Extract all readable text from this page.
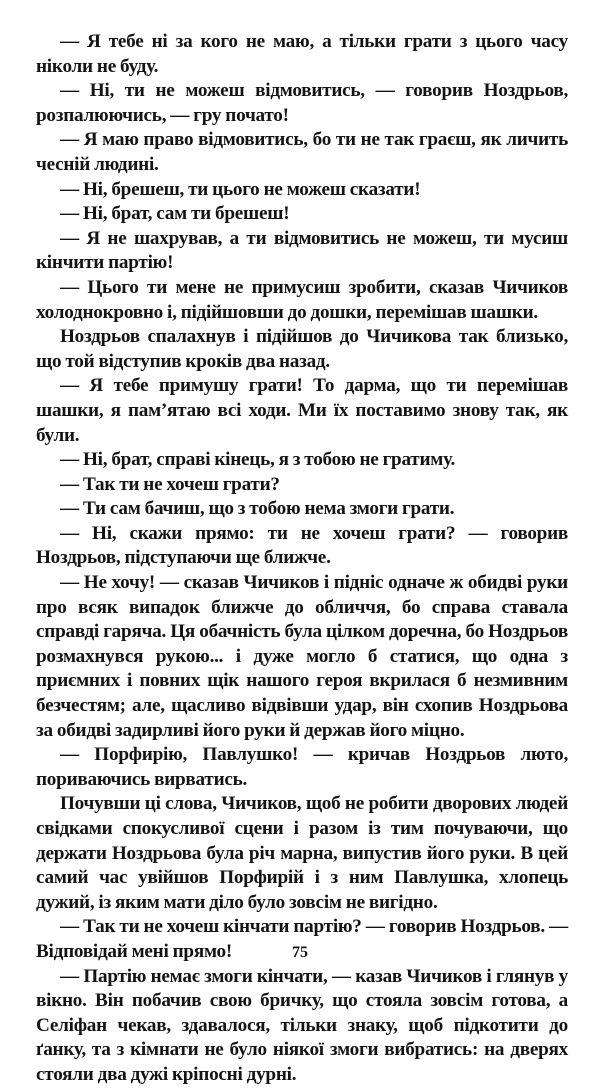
— Я тебе ні за кого не маю, а тільки грати з цього часу ніколи не буду.

— Ні, ти не можеш відмовитись, — говорив Ноздрьов, розпалюючись, — гру почато!

— Я маю право відмовитись, бо ти не так граєш, як личить чесній людині.

— Ні, брешеш, ти цього не можеш сказати!

— Ні, брат, сам ти брешеш!

— Я не шахрував, а ти відмовитись не можеш, ти мусиш кінчити партію!

— Цього ти мене не примусиш зробити, сказав Чичиков холоднокровно і, підійшовши до дошки, перемішав шашки.

Ноздрьов спалахнув і підійшов до Чичикова так близько, що той відступив кроків два назад.

— Я тебе примушу грати! То дарма, що ти перемішав шашки, я пам’ятаю всі ходи. Ми їх поставимо знову так, як були.

— Ні, брат, справі кінець, я з тобою не гратиму.

— Так ти не хочеш грати?

— Ти сам бачиш, що з тобою нема змоги грати.

— Ні, скажи прямо: ти не хочеш грати? — говорив Ноздрьов, підступаючи ще ближче.

— Не хочу! — сказав Чичиков і підніс одначе ж обидві руки про всяк випадок ближче до обличчя, бо справа ставала справді гаряча. Ця обачність була цілком доречна, бо Ноздрьов розмахнувся рукою... і дуже могло б статися, що одна з приємних і повних щік нашого героя вкрилася б незмивним безчестям; але, щасливо відвівши удар, він схопив Ноздрьова за обидві задирливі його руки й держав його міцно.

— Порфирію, Павлушко! — кричав Ноздрьов люто, пориваючись вирватись.

Почувши ці слова, Чичиков, щоб не робити дворових людей свідками спокусливої сцени і разом із тим почуваючи, що держати Ноздрьова була річ марна, випустив його руки. В цей самий час увійшов Порфирій і з ним Павлушка, хлопець дужий, із яким мати діло було зовсім не вигідно.

— Так ти не хочеш кінчати партію? — говорив Ноздрьов. — Відповідай мені прямо!

— Партію немає змоги кінчати, — казав Чичиков і глянув у вікно. Він побачив свою бричку, що стояла зовсім готова, а Селіфан чекав, здавалося, тільки знаку, щоб підкотити до ґанку, та з кімнати не було ніякої змоги вибратись: на дверях стояли два дужі кріпосні дурні.

75
